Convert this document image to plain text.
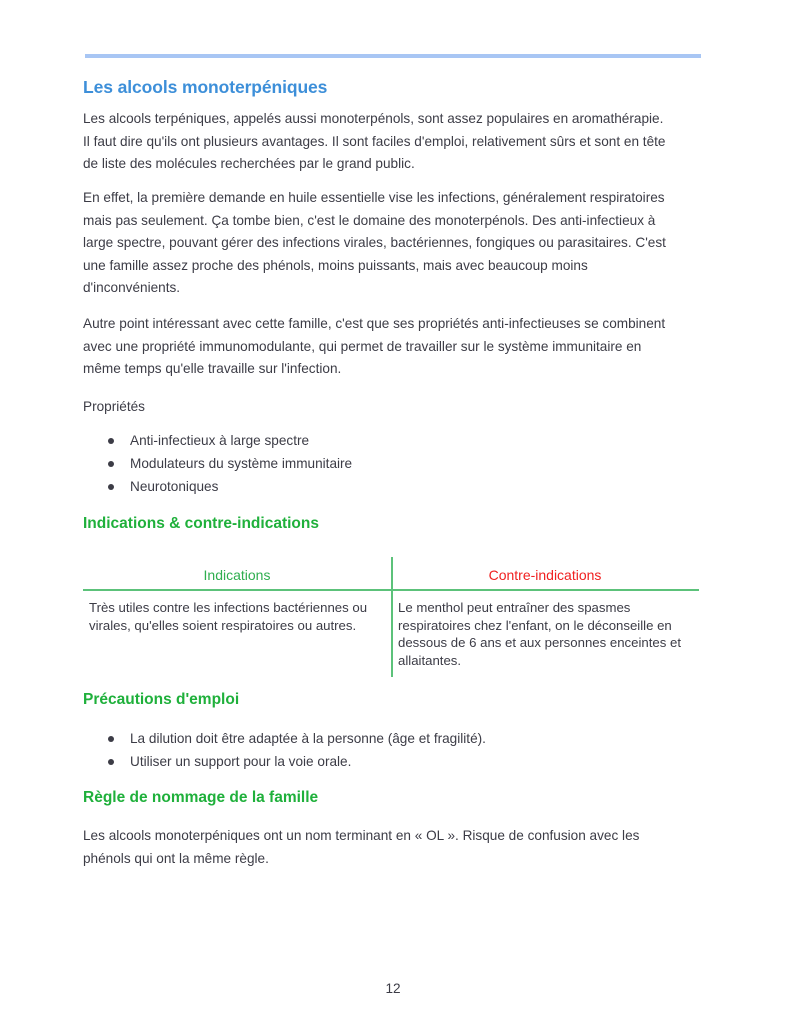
Les alcools monoterpéniques
Les alcools terpéniques, appelés aussi monoterpénols, sont assez populaires en aromathérapie.
Il faut dire qu'ils ont plusieurs avantages. Il sont faciles d'emploi, relativement sûrs et sont en tête
de liste des molécules recherchées par le grand public.
En effet, la première demande en huile essentielle vise les infections, généralement respiratoires
mais pas seulement. Ça tombe bien, c'est le domaine des monoterpénols. Des anti-infectieux à
large spectre, pouvant gérer des infections virales, bactériennes, fongiques ou parasitaires. C'est
une famille assez proche des phénols, moins puissants, mais avec beaucoup moins
d'inconvénients.
Autre point intéressant avec cette famille, c'est que ses propriétés anti-infectieuses se combinent
avec une propriété immunomodulante, qui permet de travailler sur le système immunitaire en
même temps qu'elle travaille sur l'infection.
Propriétés
Anti-infectieux à large spectre
Modulateurs du système immunitaire
Neurotoniques
Indications & contre-indications
Indications	Contre-indications
Très utiles contre les infections bactériennes ou virales, qu'elles soient respiratoires ou autres.
Le menthol peut entraîner des spasmes respiratoires chez l'enfant, on le déconseille en dessous de 6 ans et aux personnes enceintes et allaitantes.
Précautions d'emploi
La dilution doit être adaptée à la personne (âge et fragilité).
Utiliser un support pour la voie orale.
Règle de nommage de la famille
Les alcools monoterpéniques ont un nom terminant en « OL ». Risque de confusion avec les
phénols qui ont la même règle.
12
